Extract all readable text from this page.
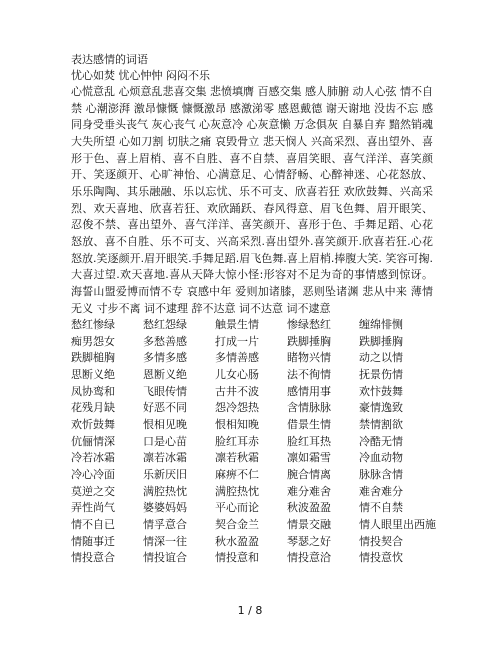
表达感情的词语
忧心如焚 忧心忡忡 闷闷不乐

心慌意乱 心烦意乱悲喜交集 悲愤填膺 百感交集 感人肺腑 动人心弦 情不自禁 心潮澎湃 激昂慷慨 慷慨激昂 感激涕零 感恩戴德 谢天谢地 没齿不忘 感同身受垂头丧气 灰心丧气 心灰意冷 心灰意懒 万念俱灰 自暴自弃 黯然销魂 大失所望 心如刀割 切肤之痛 哀毁骨立 悲天悯人 兴高采烈、喜出望外、喜形于色、喜上眉梢、喜不自胜、喜不自禁、喜眉笑眼、喜气洋洋、喜笑颜开、笑逐颜开、心旷神怡、心满意足、心情舒畅、心醉神迷、心花怒放、乐乐陶陶、其乐融融、乐以忘忧、乐不可支、欣喜若狂 欢欣鼓舞、兴高采烈、欢天喜地、欣喜若狂、欢欣踊跃、春风得意、眉飞色舞、眉开眼笑、忍俊不禁、喜出望外、喜气洋洋、喜笑颜开、喜形于色、手舞足蹈、心花怒放、喜不自胜、乐不可支、兴高采烈.喜出望外.喜笑颜开.欣喜若狂.心花怒放.笑逐颜开.眉开眼笑.手舞足蹈.眉飞色舞.喜上眉梢.捧腹大笑. 笑容可掬.大喜过望.欢天喜地.喜从天降大惊小怪:形容对不足为奇的事情感到惊讶。 海誓山盟爱博而情不专 哀感中年 爱则加诸膝，恶则坠诸渊 悲从中来 薄情无义 寸步不离 词不逮理 辞不达意 词不达意 词不逮意

愁红惨绿	愁红怨绿	触景生情	惨绿愁红	缠绵悱恻
痴男怨女	多愁善感	打成一片	跌脚捶胸	跌脚捶胸
跌脚槌胸	多情多感	多情善感	睹物兴情	动之以情
思断义绝	恩断义绝	儿女心肠	法不徇情	抚景伤情
凤协鸾和	飞眼传情	古井不波	感情用事	欢忭鼓舞
花残月缺	好恶不同	怨冷怨热	含情脉脉	豪情逸致
欢忻鼓舞	恨相见晚	恨相知晚	借景生情	禁情割欲
伉俪情深	口是心苗	脸红耳赤	脸红耳热	冷酷无情
冷若冰霜	凛若冰霜	凛若秋霜	凛如霜雪	冷血动物
冷心冷面	乐新厌旧	麻痹不仁	腕合情离	脉脉含情
莫逆之交	满腔热忱	满腔热忱	难分难舍	难舍难分
弄性尚气	婆婆妈妈	平心而论	秋波盈盈	情不自禁
情不自已	情孚意合	契合金兰	情景交融	情人眼里出西施
情随事迁	情深一往	秋水盈盈	琴瑟之好	情投契合
情投意合	情投谊合	情投意和	情投意洽	情投意忺
1 / 8
